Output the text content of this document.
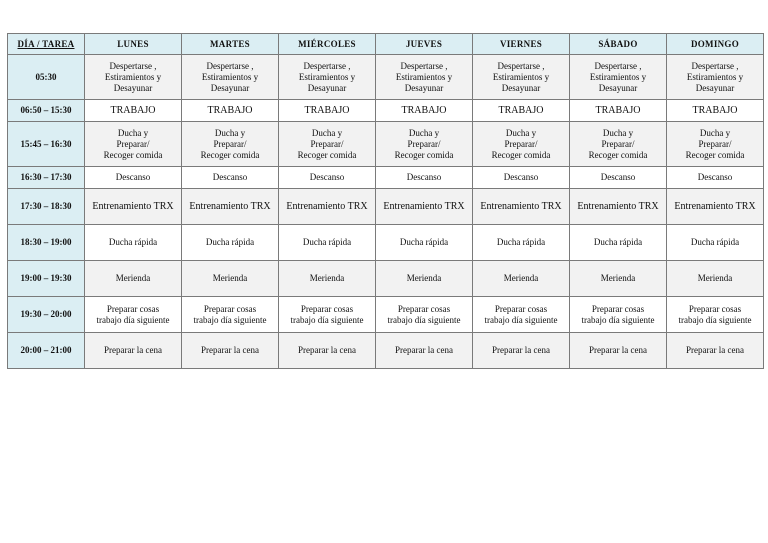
DÍA / TAREA	LUNES	MARTES	MIÉRCOLES	JUEVES	VIERNES	SÁBADO	DOMINGO
05:30	Despertarse ,
Estiramientos y
Desayunar	Despertarse ,
Estiramientos y
Desayunar	Despertarse ,
Estiramientos y
Desayunar	Despertarse ,
Estiramientos y
Desayunar	Despertarse ,
Estiramientos y
Desayunar	Despertarse ,
Estiramientos y
Desayunar	Despertarse ,
Estiramientos y
Desayunar
06:50 – 15:30	TRABAJO	TRABAJO	TRABAJO	TRABAJO	TRABAJO	TRABAJO	TRABAJO
15:45 – 16:30	Ducha y
Preparar/
Recoger comida	Ducha y
Preparar/
Recoger comida	Ducha y
Preparar/
Recoger comida	Ducha y
Preparar/
Recoger comida	Ducha y
Preparar/
Recoger comida	Ducha y
Preparar/
Recoger comida	Ducha y
Preparar/
Recoger comida
16:30 – 17:30	Descanso	Descanso	Descanso	Descanso	Descanso	Descanso	Descanso
17:30 – 18:30	Entrenamiento TRX	Entrenamiento TRX	Entrenamiento TRX	Entrenamiento TRX	Entrenamiento TRX	Entrenamiento TRX	Entrenamiento TRX
18:30 – 19:00	Ducha rápida	Ducha rápida	Ducha rápida	Ducha rápida	Ducha rápida	Ducha rápida	Ducha rápida
19:00 – 19:30	Merienda	Merienda	Merienda	Merienda	Merienda	Merienda	Merienda
19:30 – 20:00	Preparar cosas
trabajo día siguiente	Preparar cosas
trabajo día siguiente	Preparar cosas
trabajo día siguiente	Preparar cosas
trabajo día siguiente	Preparar cosas
trabajo día siguiente	Preparar cosas
trabajo día siguiente	Preparar cosas
trabajo día siguiente
20:00 – 21:00	Preparar la cena	Preparar la cena	Preparar la cena	Preparar la cena	Preparar la cena	Preparar la cena	Preparar la cena
